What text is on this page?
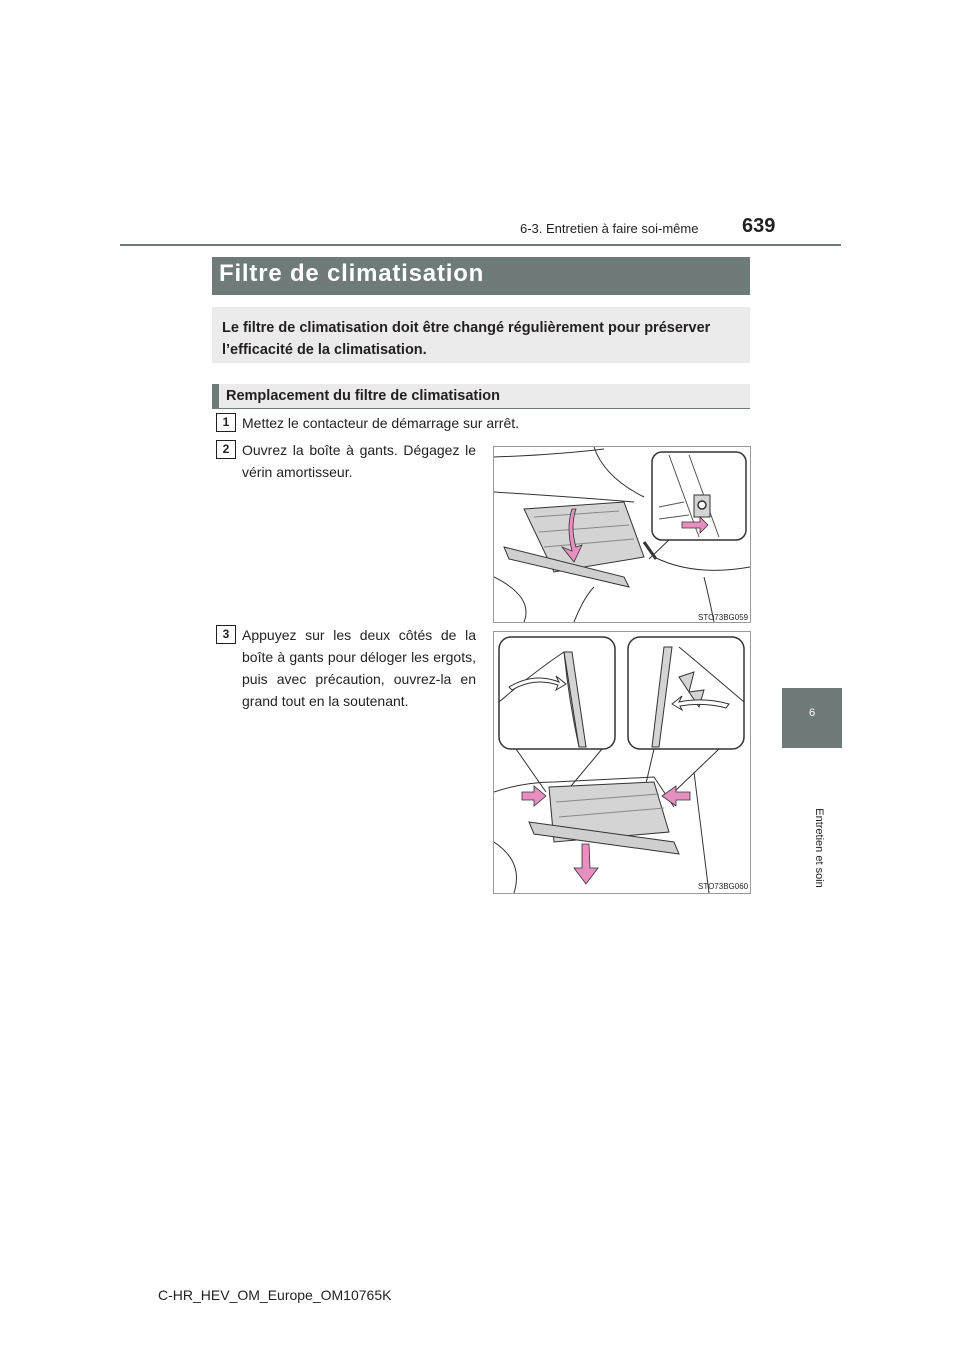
6-3. Entretien à faire soi-même 639
6
Entretien et soin
Filtre de climatisation
Le filtre de climatisation doit être changé régulièrement pour préserver l’efficacité de la climatisation.
Remplacement du filtre de climatisation
1 Mettez le contacteur de démarrage sur arrêt.
2 Ouvrez la boîte à gants. Dégagez le vérin amortisseur.
STO73BG059
3 Appuyez sur les deux côtés de la boîte à gants pour déloger les ergots, puis avec précaution, ouvrez-la en grand tout en la soutenant.
STO73BG060
C-HR_HEV_OM_Europe_OM10765K
